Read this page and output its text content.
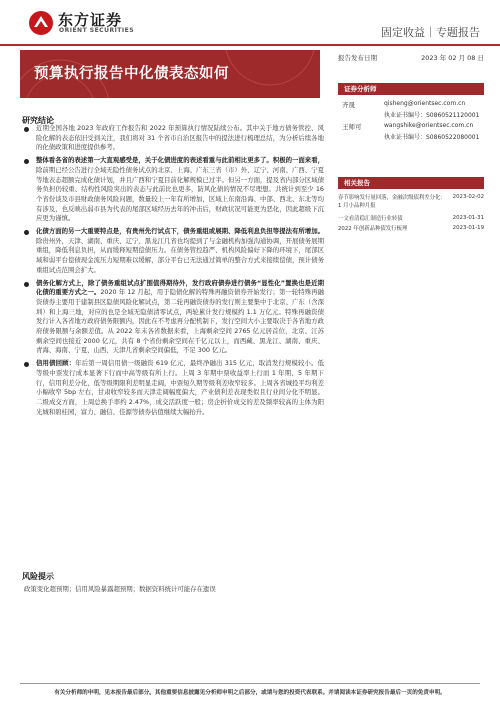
东方证券
ORIENT SECURITIES	固定收益｜专题报告
预算执行报告中化债表态如何
报告发布日期	2023 年 02 月 08 日
证券分析师
齐晟	qisheng@orientsec.com.cn
执业证书编号：S0860521120001
王师可	wangshike@orientsec.com.cn
执业证书编号：S0860522080001
相关报告
春节影响发行量回落，金融次级债利差分化：1 月小品种月报
2023-02-02
一文看清稳汇制造行业转债	2023-01-31
2022 年创新品种债发行梳理	2023-01-19
研究结论

近期全国各地 2023 年政府工作报告和 2022 年预算执行情况陆续公布。其中关于地方债务管控、风险化解的表态依旧受到关注，我们将对 31 个省市自治区报告中的提法进行梳理总结，为分析后续各地的化债政策和进度提供参考。

整体看各省的表述第一大直观感受是，关于化债进度的表述看重与此前相比更多了。积极的一面来看，除前期已经公告进行全域无隐性债务试点的北京、上海、广东三省（市）外，辽宁、河南、广西、宁夏等地表态超额完成化债计划，并且广西和宁夏目前化解规模已过半。但另一方面，提及省内部分区域债务负担仍较重、结构性风险突出的表态与此前比也更多，防风化债的情况不尽理想。共统计到至少 16 个省份谈及市县财政债务风险问题，数量较上一年有所增加，区域上东南沿海、中部、西北、东北等均有涉及，也反映出弱市县为代表的尾部区域经历去年的冲击后，财政状况可能更为恶化，因此超级下沉应更为谨慎。

化债方面的另一大重要特点是，有贵州先行试点下，债务重组或展期、降低利息负担等提法有所增加。除贵州外，天津、湖南、重庆、辽宁、黑龙江几省也均提到了与金融机构加强沟通协调，开展债务展期重组，降低利息负担，从而缓释短期偿债压力。在债务管控趋严、机构风险偏好下降的环境下，尾部区域和弱平台偿债现金流压力短期难以缓解，部分平台已无法通过简单的整合方式来接续偿债，预计债务重组试点范围会扩大。

债务化解方式上，除了债务重组试点扩围值得期待外，发行政府债券进行债务“显性化”置换也是近期化债的重要方式之一。2020 年 12 月起，用于隐债化解的特殊再融资债券开始发行；第一轮特殊再融资债券主要用于建制县区隐债风险化解试点，第二轮再融资债券的发行则主要集中于北京、广东（含深圳）和上海三地，对应的也是全域无隐债清零试点，两轮累计发行规模约 1.1 万亿元。特殊再融资债发行计入各省地方政府债务限额内，因此在不考虑再分配机制下，发行空间大小主要取决于各省地方政府债务限额与余额差值。从 2022 年末各省数据来看，上海剩余空间 2765 亿元居首位，北京、江苏剩余空间也接近 2000 亿元，共有 8 个省份剩余空间在千亿元以上，而西藏、黑龙江、湖南、重庆、青海、海南、宁夏、山西、天津几省剩余空间偏低，不足 300 亿元。

信用债回顾：年后第一周信用债一级融资 619 亿元，最终净融出 315 亿元，取消发行规模较小。低等级中票发行成本显著下行而中高等级有所上行。上周 3 年期中票收益率上行而 1 年期、5 年期下行，信用利差分化，低等级期限利差明显走阔，中票短久期等级利差收窄较多。上周各省城投平均利差小幅收窄 5bp 左右，甘肃收窄较多而天津走阔幅度偏大，产业债利差表现类似且行业间分化不明显。二级成交方面，上周总换手率约 2.47%，成交活跃度一般；房企折价成交的差及频率较高的主体为阳光城和碧桂园，富力、融信、佳源等债券估值继续大幅抬升。

风险提示
政策变化超预期；信用风险暴露超预期；数据资料统计可能存在遗误
有关分析师的申明，见本报告最后部分。其他重要信息披露见分析师申明之后部分，或请与您的投资代表联系。并请阅读本证券研究报告最后一页的免责申明。
